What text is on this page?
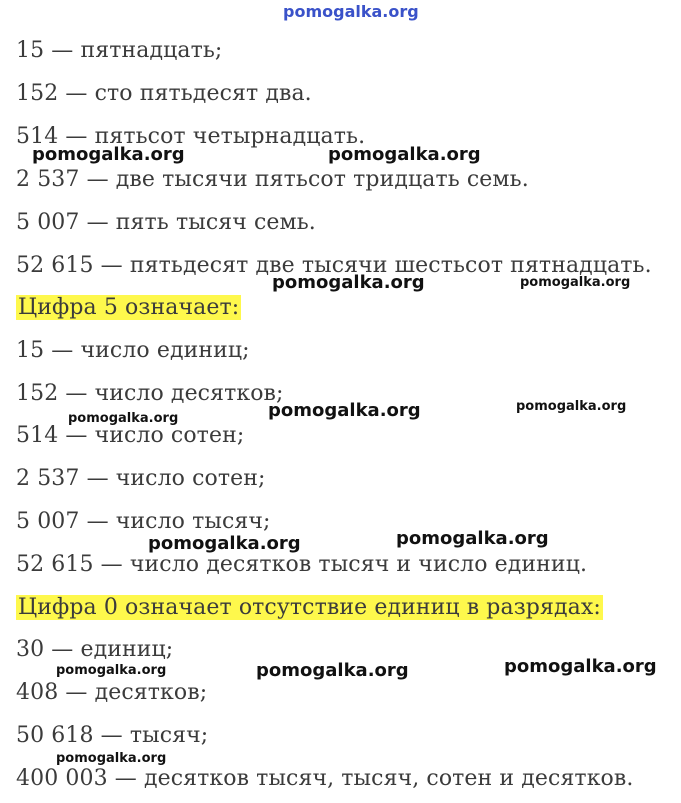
pomogalka.org
15 — пятнадцать;
152 — сто пятьдесят два.
514 — пятьсот четырнадцать.
2 537 — две тысячи пятьсот тридцать семь.
5 007 — пять тысяч семь.
52 615 — пятьдесят две тысячи шестьсот пятнадцать.
Цифра 5 означает:
15 — число единиц;
152 — число десятков;
514 — число сотен;
2 537 — число сотен;
5 007 — число тысяч;
52 615 — число десятков тысяч и число единиц.
Цифра 0 означает отсутствие единиц в разрядах:
30 — единиц;
408 — десятков;
50 618 — тысяч;
400 003 — десятков тысяч, тысяч, сотен и десятков.
pomogalka.org	pomogalka.org
pomogalka.org	pomogalka.org
pomogalka.org	pomogalka.org	pomogalka.org
pomogalka.org	pomogalka.org
pomogalka.org	pomogalka.org	pomogalka.org
pomogalka.org
